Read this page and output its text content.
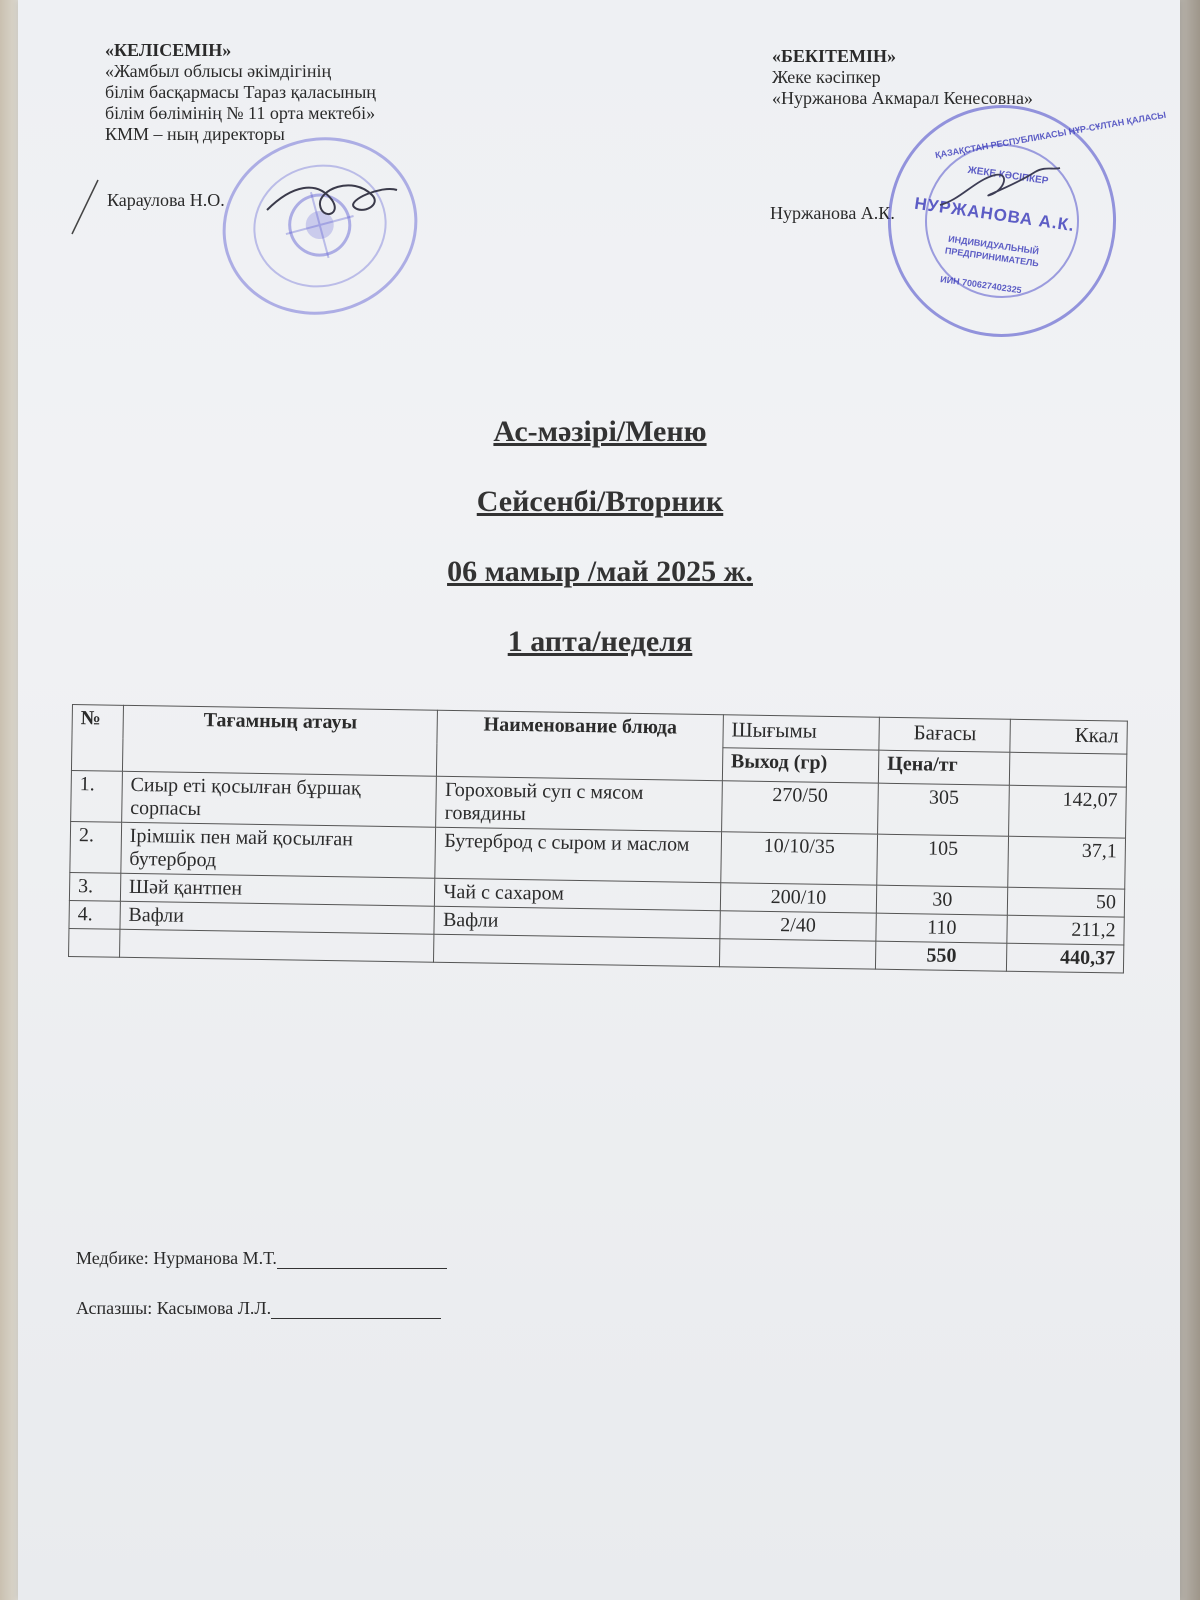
«КЕЛІСЕМІН»
«Жамбыл облысы әкімдігінің
білім басқармасы Тараз қаласының
білім бөлімінің № 11 орта мектебі»
КММ – ның директоры
Караулова Н.О.
«БЕКІТЕМІН»
Жеке кәсіпкер
«Нуржанова Акмарал Кенесовна»
Нуржанова А.К.
ЖЕКЕ КӘСІПКЕР
НУРЖАНОВА А.К.
ИНДИВИДУАЛЬНЫЙ ПРЕДПРИНИМАТЕЛЬ
ҚАЗАҚСТАН РЕСПУБЛИКАСЫ НҰР-СҰЛТАН ҚАЛАСЫ
ИИН 700627402325
Ас-мәзірі/Меню
Сейсенбі/Вторник
06 мамыр /май 2025 ж.
1 апта/неделя
№	Тағамның атауы	Наименование блюда	Шығымы	Бағасы	Ккал
			Выход (гр)	Цена/тг	
1.	Сиыр еті қосылған бұршақ сорпасы	Гороховый суп с мясом говядины	270/50	305	142,07
2.	Ірімшік пен май қосылған бутерброд	Бутерброд с сыром и маслом	10/10/35	105	37,1
3.	Шәй қантпен	Чай с сахаром	200/10	30	50
4.	Вафли	Вафли	2/40	110	211,2
				550	440,37
Медбике: Нурманова М.Т.
Аспазшы: Касымова Л.Л.
